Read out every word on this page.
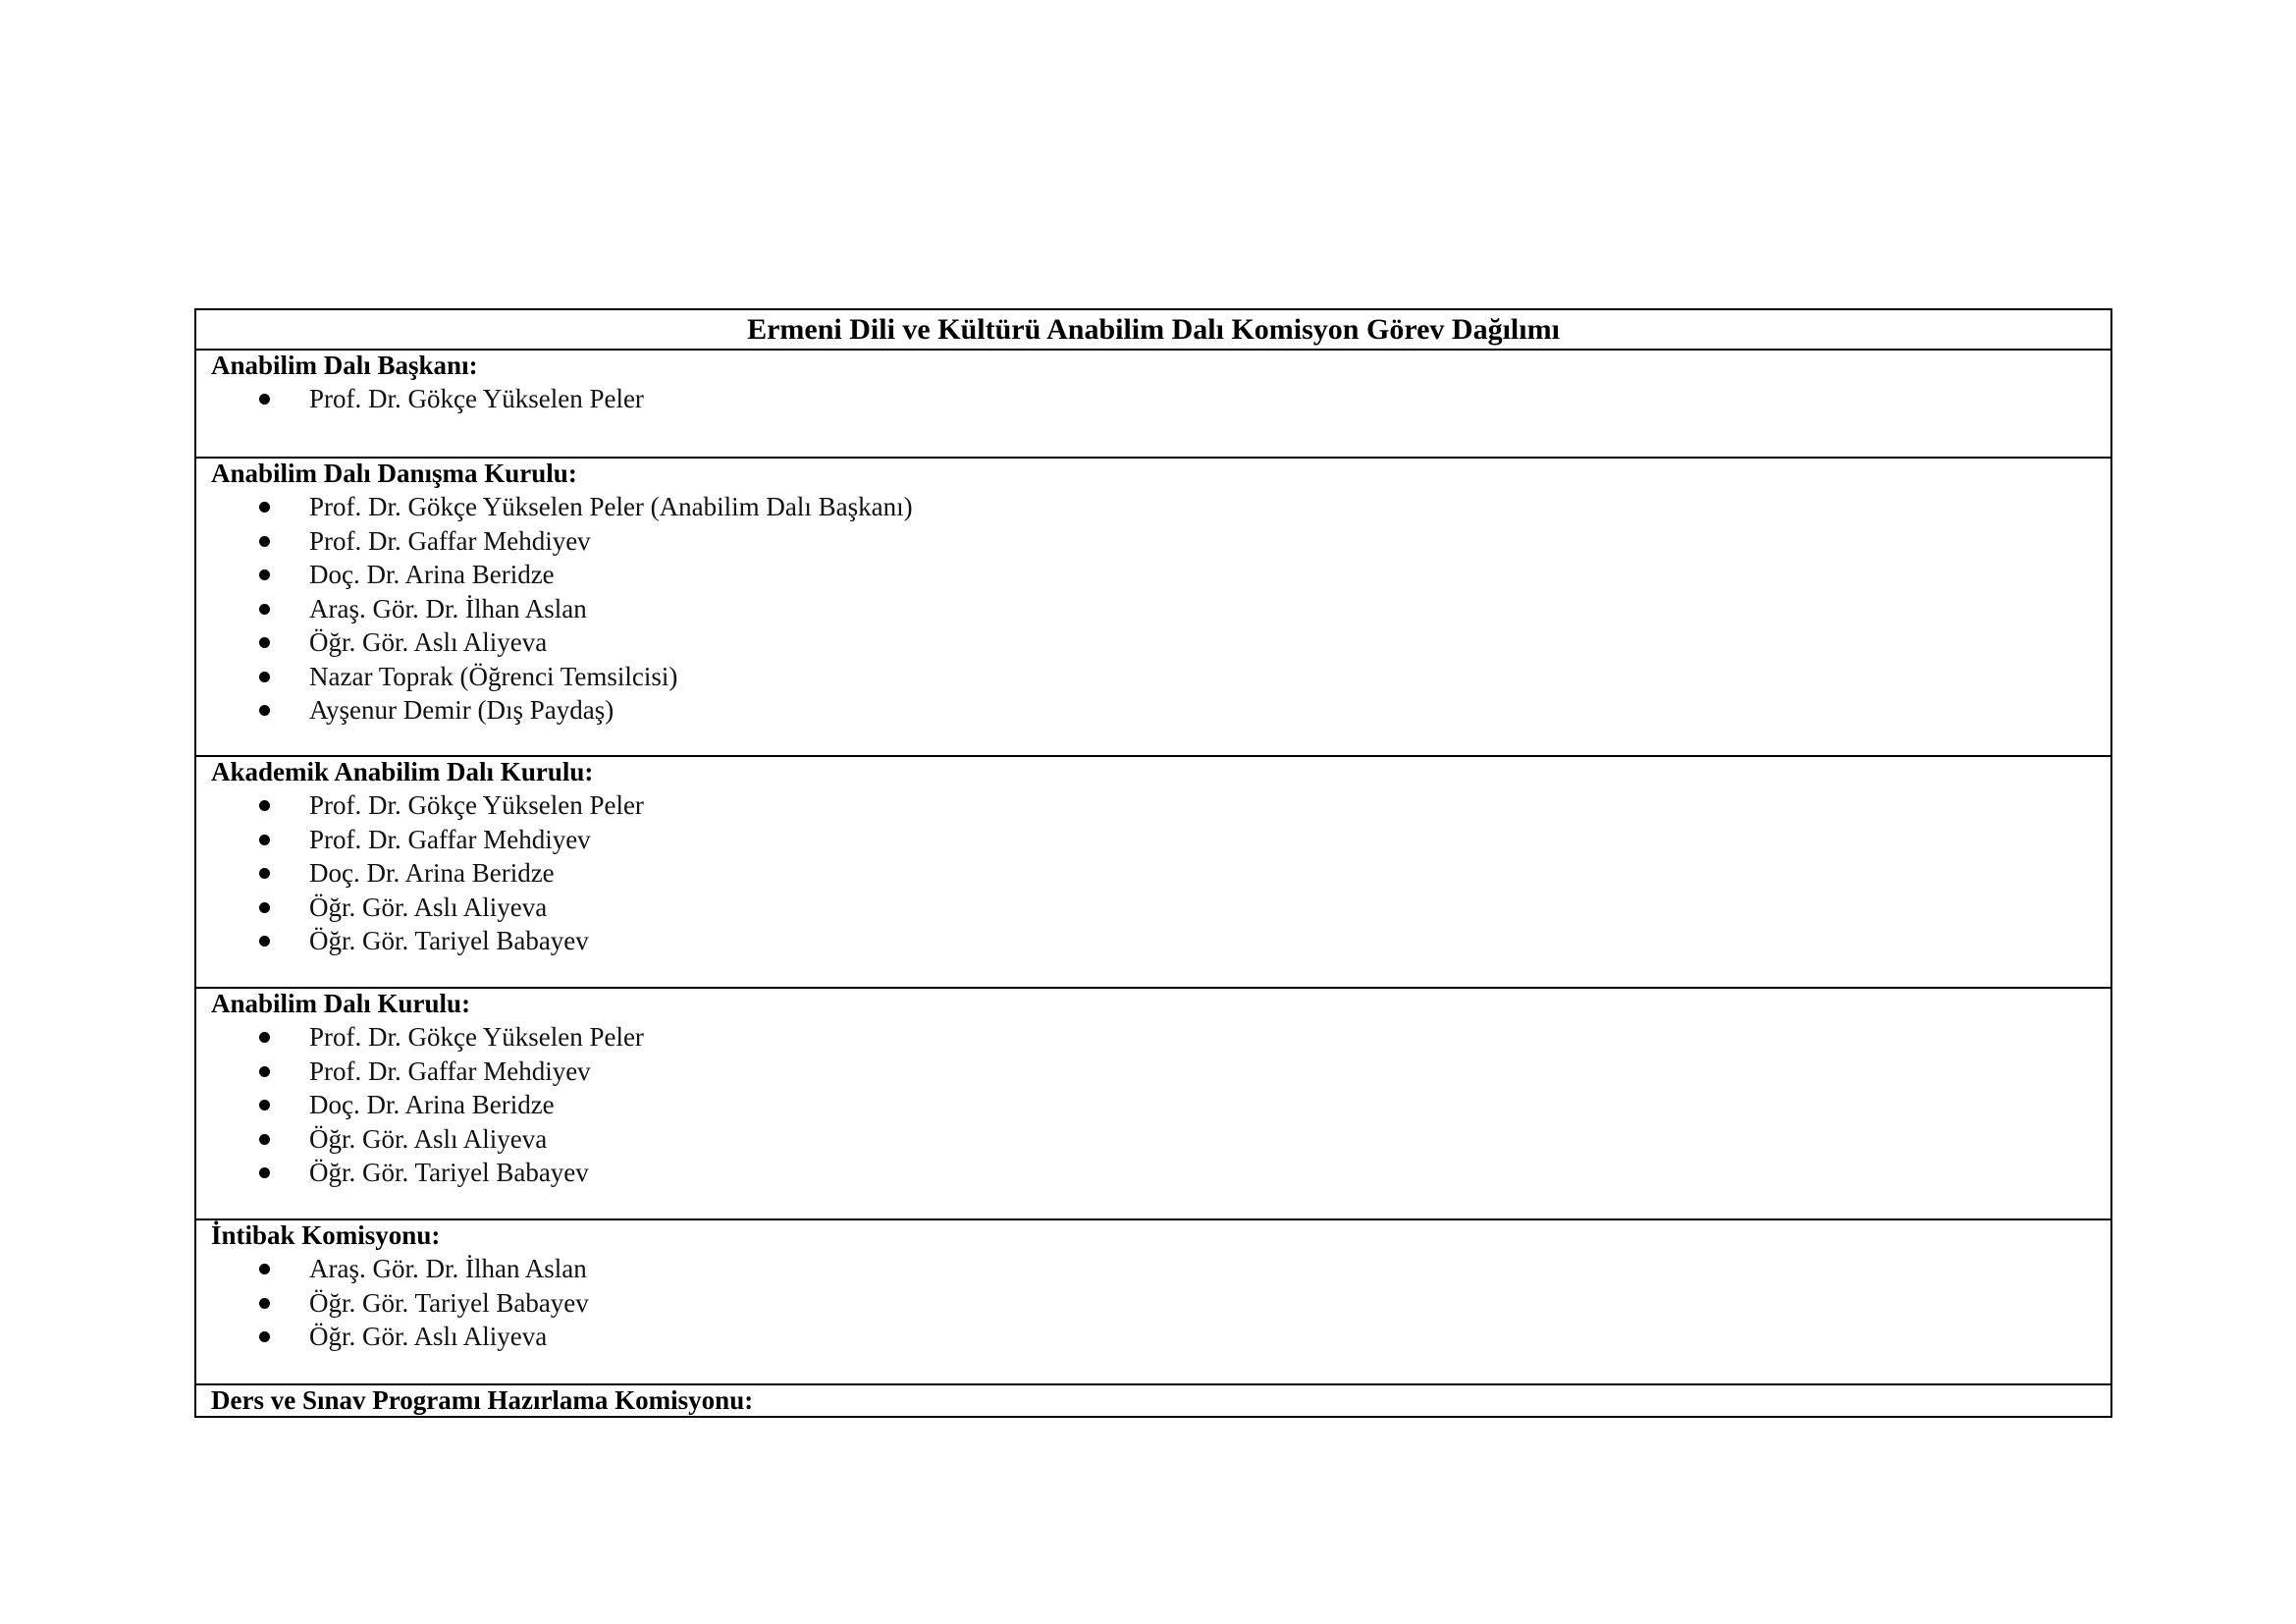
Ermeni Dili ve Kültürü Anabilim Dalı Komisyon Görev Dağılımı
Anabilim Dalı Başkanı:
Prof. Dr. Gökçe Yükselen Peler
Anabilim Dalı Danışma Kurulu:
Prof. Dr. Gökçe Yükselen Peler (Anabilim Dalı Başkanı)
Prof. Dr. Gaffar Mehdiyev
Doç. Dr. Arina Beridze
Araş. Gör. Dr. İlhan Aslan
Öğr. Gör. Aslı Aliyeva
Nazar Toprak (Öğrenci Temsilcisi)
Ayşenur Demir (Dış Paydaş)
Akademik Anabilim Dalı Kurulu:
Prof. Dr. Gökçe Yükselen Peler
Prof. Dr. Gaffar Mehdiyev
Doç. Dr. Arina Beridze
Öğr. Gör. Aslı Aliyeva
Öğr. Gör. Tariyel Babayev
Anabilim Dalı Kurulu:
Prof. Dr. Gökçe Yükselen Peler
Prof. Dr. Gaffar Mehdiyev
Doç. Dr. Arina Beridze
Öğr. Gör. Aslı Aliyeva
Öğr. Gör. Tariyel Babayev
İntibak Komisyonu:
Araş. Gör. Dr. İlhan Aslan
Öğr. Gör. Tariyel Babayev
Öğr. Gör. Aslı Aliyeva
Ders ve Sınav Programı Hazırlama Komisyonu:
